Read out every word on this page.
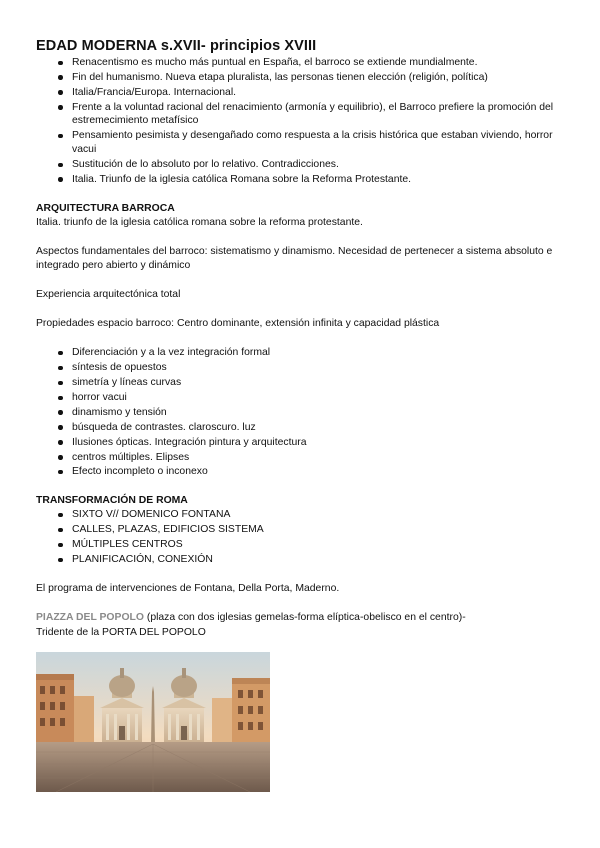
EDAD MODERNA s.XVII- principios XVIII
Renacentismo es mucho más puntual en España, el barroco se extiende mundialmente.
Fin del humanismo. Nueva etapa pluralista, las personas tienen elección (religión, política)
Italia/Francia/Europa. Internacional.
Frente a la voluntad racional del renacimiento (armonía y equilibrio), el Barroco prefiere la promoción del estremecimiento metafísico
Pensamiento pesimista y desengañado como respuesta a la crisis histórica que estaban viviendo, horror vacui
Sustitución de lo absoluto por lo relativo. Contradicciones.
Italia. Triunfo de la iglesia católica Romana sobre la Reforma Protestante.
ARQUITECTURA BARROCA

Italia. triunfo de la iglesia católica romana sobre la reforma protestante.

Aspectos fundamentales del barroco: sistematismo y dinamismo. Necesidad de pertenecer a sistema absoluto e integrado pero abierto y dinámico

Experiencia arquitectónica total

Propiedades espacio barroco: Centro dominante, extensión infinita y capacidad plástica

Diferenciación y a la vez integración formal
síntesis de opuestos
simetría y líneas curvas
horror vacui
dinamismo y tensión
búsqueda de contrastes. claroscuro. luz
Ilusiones ópticas. Integración pintura y arquitectura
centros múltiples. Elipses
Efecto incompleto o inconexo
TRANSFORMACIÓN DE ROMA
SIXTO V// DOMENICO FONTANA
CALLES, PLAZAS, EDIFICIOS SISTEMA
MÚLTIPLES CENTROS
PLANIFICACIÓN, CONEXIÓN

El programa de intervenciones de Fontana, Della Porta, Maderno.

PIAZZA DEL POPOLO (plaza con dos iglesias gemelas-forma elíptica-obelisco en el centro)-

Tridente de la PORTA DEL POPOLO
